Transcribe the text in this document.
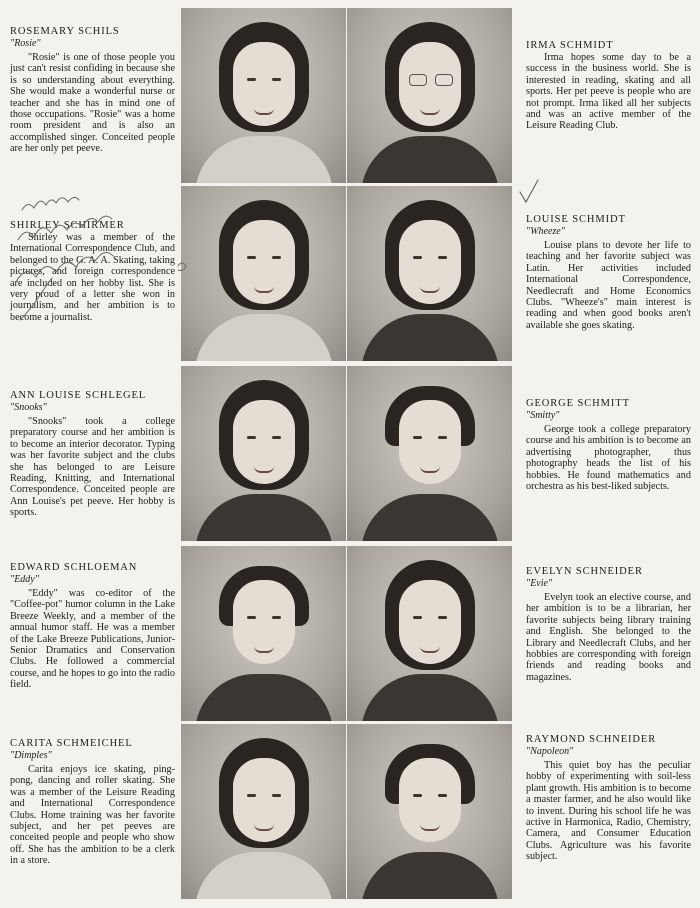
ROSEMARY SCHILS

"Rosie"

"Rosie" is one of those people you just can't resist confiding in because she is so understanding about everything. She would make a wonderful nurse or teacher and she has in mind one of those occupations. "Rosie" was a home room president and is also an accomplished singer. Conceited people are her only pet peeve.

IRMA SCHMIDT

Irma hopes some day to be a success in the business world. She is interested in reading, skating and all sports. Her pet peeve is people who are not prompt. Irma liked all her subjects and was an active member of the Leisure Reading Club.

SHIRLEY SCHIRMER

Shirley was a member of the International Correspondence Club, and belonged to the G. A. A. Skating, taking pictures, and foreign correspondence are included on her hobby list. She is very proud of a letter she won in journalism, and her ambition is to become a journalist.

LOUISE SCHMIDT

"Wheeze"

Louise plans to devote her life to teaching and her favorite subject was Latin. Her activities included International Correspondence, Needlecraft and Home Economics Clubs. "Wheeze's" main interest is reading and when good books aren't available she goes skating.

ANN LOUISE SCHLEGEL

"Snooks"

"Snooks" took a college preparatory course and her ambition is to become an interior decorator. Typing was her favorite subject and the clubs she has belonged to are Leisure Reading, Knitting, and International Correspondence. Conceited people are Ann Louise's pet peeve. Her hobby is sports.

GEORGE SCHMITT

"Smitty"

George took a college preparatory course and his ambition is to become an advertising photographer, thus photography heads the list of his hobbies. He found mathematics and orchestra as his best-liked subjects.

EDWARD SCHLOEMAN

"Eddy"

"Eddy" was co-editor of the "Coffee-pot" humor column in the Lake Breeze Weekly, and a member of the annual humor staff. He was a member of the Lake Breeze Publications, Junior-Senior Dramatics and Conservation Clubs. He followed a commercial course, and he hopes to go into the radio field.

EVELYN SCHNEIDER

"Evie"

Evelyn took an elective course, and her ambition is to be a librarian, her favorite subjects being library training and English. She belonged to the Library and Needlecraft Clubs, and her hobbies are corresponding with foreign friends and reading books and magazines.

CARITA SCHMEICHEL

"Dimples"

Carita enjoys ice skating, ping-pong, dancing and roller skating. She was a member of the Leisure Reading and International Correspondence Clubs. Home training was her favorite subject, and her pet peeves are conceited people and people who show off. She has the ambition to be a clerk in a store.

RAYMOND SCHNEIDER

"Napoleon"

This quiet boy has the peculiar hobby of experimenting with soil-less plant growth. His ambition is to become a master farmer, and he also would like to invent. During his school life he was active in Harmonica, Radio, Chemistry, Camera, and Consumer Education Clubs. Agriculture was his favorite subject.
